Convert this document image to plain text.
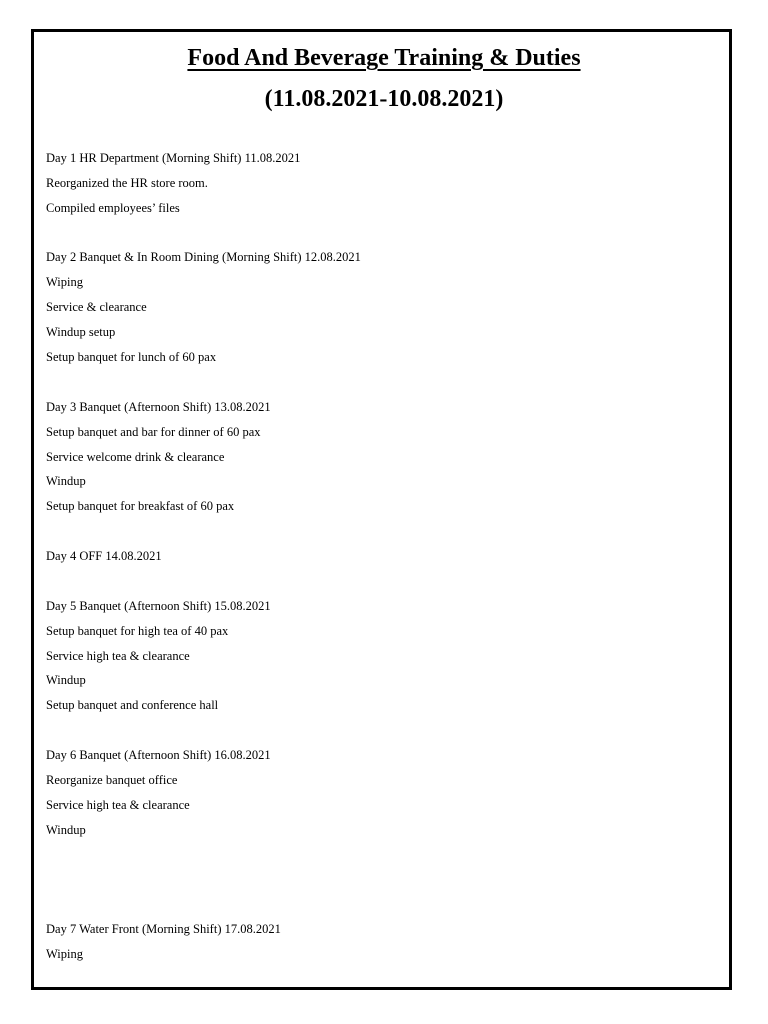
Food And Beverage Training & Duties
(11.08.2021-10.08.2021)
Day 1 HR Department (Morning Shift) 11.08.2021
Reorganized the HR store room.
Compiled employees’ files
Day 2 Banquet & In Room Dining (Morning Shift) 12.08.2021
Wiping
Service & clearance
Windup setup
Setup banquet for lunch of 60 pax
Day 3 Banquet (Afternoon Shift) 13.08.2021
Setup banquet and bar for dinner of 60 pax
Service welcome drink & clearance
Windup
Setup banquet for breakfast of 60 pax
Day 4 OFF 14.08.2021
Day 5 Banquet (Afternoon Shift) 15.08.2021
Setup banquet for high tea of 40 pax
Service high tea & clearance
Windup
Setup banquet and conference hall
Day 6 Banquet (Afternoon Shift) 16.08.2021
Reorganize banquet office
Service high tea & clearance
Windup
Day 7 Water Front (Morning Shift) 17.08.2021
Wiping
